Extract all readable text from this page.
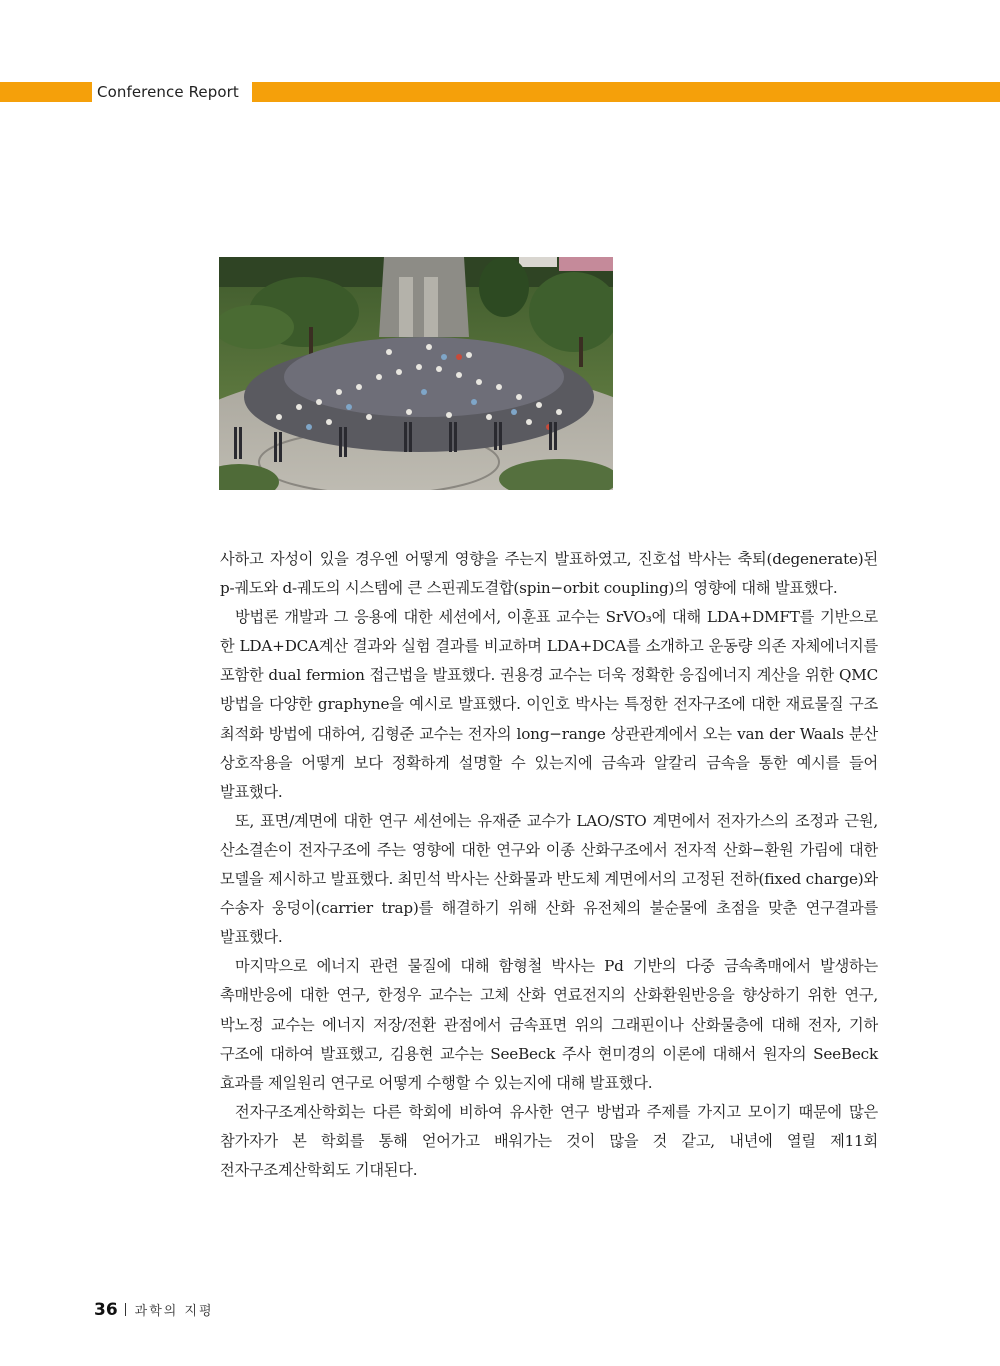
Conference Report

사하고 자성이 있을 경우엔 어떻게 영향을 주는지 발표하였고, 진호섭 박사는 축퇴(degenerate)된 p-궤도와 d-궤도의 시스템에 큰 스핀궤도결합(spin−orbit coupling)의 영향에 대해 발표했다.

방법론 개발과 그 응용에 대한 세션에서, 이훈표 교수는 SrVO₃에 대해 LDA+DMFT를 기반으로 한 LDA+DCA계산 결과와 실험 결과를 비교하며 LDA+DCA를 소개하고 운동량 의존 자체에너지를 포함한 dual fermion 접근법을 발표했다. 권용경 교수는 더욱 정확한 응집에너지 계산을 위한 QMC 방법을 다양한 graphyne을 예시로 발표했다. 이인호 박사는 특정한 전자구조에 대한 재료물질 구조 최적화 방법에 대하여, 김형준 교수는 전자의 long−range 상관관계에서 오는 van der Waals 분산 상호작용을 어떻게 보다 정확하게 설명할 수 있는지에 금속과 알칼리 금속을 통한 예시를 들어 발표했다.

또, 표면/계면에 대한 연구 세션에는 유재준 교수가 LAO/STO 계면에서 전자가스의 조정과 근원, 산소결손이 전자구조에 주는 영향에 대한 연구와 이종 산화구조에서 전자적 산화−환원 가림에 대한 모델을 제시하고 발표했다. 최민석 박사는 산화물과 반도체 계면에서의 고정된 전하(fixed charge)와 수송자 웅덩이(carrier trap)를 해결하기 위해 산화 유전체의 불순물에 초점을 맞춘 연구결과를 발표했다.

마지막으로 에너지 관련 물질에 대해 함형철 박사는 Pd 기반의 다중 금속촉매에서 발생하는 촉매반응에 대한 연구, 한정우 교수는 고체 산화 연료전지의 산화환원반응을 향상하기 위한 연구, 박노정 교수는 에너지 저장/전환 관점에서 금속표면 위의 그래핀이나 산화물층에 대해 전자, 기하 구조에 대하여 발표했고, 김용현 교수는 SeeBeck 주사 현미경의 이론에 대해서 원자의 SeeBeck 효과를 제일원리 연구로 어떻게 수행할 수 있는지에 대해 발표했다.

전자구조계산학회는 다른 학회에 비하여 유사한 연구 방법과 주제를 가지고 모이기 때문에 많은 참가자가 본 학회를 통해 얻어가고 배워가는 것이 많을 것 같고, 내년에 열릴 제11회 전자구조계산학회도 기대된다.

36 과학의 지평
